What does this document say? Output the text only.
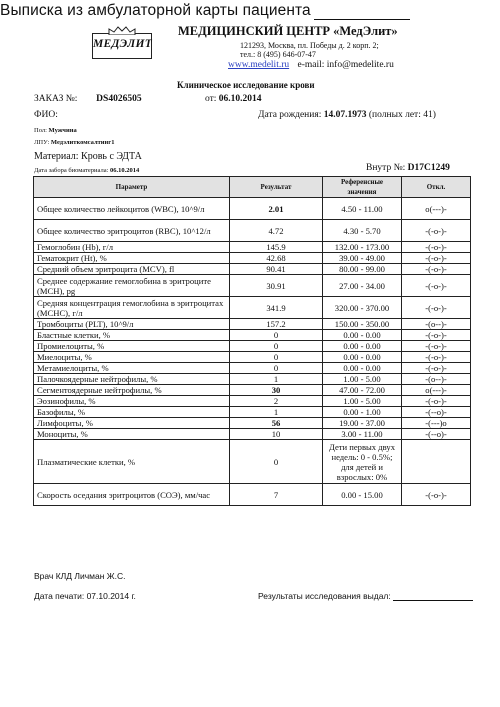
Выписка из амбулаторной карты пациента
МЕДЭЛИТ
МЕДИЦИНСКИЙ ЦЕНТР «МедЭлит»
121293, Москва, пл. Победы д. 2 корп. 2;
тел.: 8 (495) 646-07-47
www.medelit.ru e-mail: info@medelite.ru
Клиническое исследование крови
ЗАКАЗ №: DS4026505	от: 06.10.2014
ФИО:	Дата рождения: 14.07.1973 (полных лет: 41)
Пол: Мужчина
ЛПУ: Медэлиткомсалтинг1
Материал: Кровь с ЭДТА
Дата забора биоматериала: 06.10.2014	Внутр №: D17C1249
Параметр	Результат	Референсные значения	Откл.
Общее количество лейкоцитов (WBC), 10^9/л	2.01	4.50 - 11.00	о(---)-
Общее количество эритроцитов (RBC), 10^12/л	4.72	4.30 - 5.70	-(-о-)-
Гемоглобин (Hb), г/л	145.9	132.00 - 173.00	-(-о-)-
Гематокрит (Ht), %	42.68	39.00 - 49.00	-(-о-)-
Средний объем эритроцита (MCV), fl	90.41	80.00 - 99.00	-(-о-)-
Среднее содержание гемоглобина в эритроците (MCH), pg	30.91	27.00 - 34.00	-(-о-)-
Средняя концентрация гемоглобина в эритроцитах (MCHC), г/л	341.9	320.00 - 370.00	-(-о-)-
Тромбоциты (PLT), 10^9/л	157.2	150.00 - 350.00	-(о--)-
Бластные клетки, %	0	0.00 - 0.00	-(-о-)-
Промиелоциты, %	0	0.00 - 0.00	-(-о-)-
Миелоциты, %	0	0.00 - 0.00	-(-о-)-
Метамиелоциты, %	0	0.00 - 0.00	-(-о-)-
Палочкоядерные нейтрофилы, %	1	1.00 - 5.00	-(о--)-
Сегментоядерные нейтрофилы, %	30	47.00 - 72.00	о(---)-
Эозинофилы, %	2	1.00 - 5.00	-(-о-)-
Базофилы, %	1	0.00 - 1.00	-(--о)-
Лимфоциты, %	56	19.00 - 37.00	-(---)о
Моноциты, %	10	3.00 - 11.00	-(--о)-
Плазматические клетки, %	0	Дети первых двух недель: 0 - 0.5%; для детей и взрослых: 0%	
Скорость оседания эритроцитов (СОЭ), мм/час	7	0.00 - 15.00	-(-о-)-
Врач КЛД Личман Ж.С.
Дата печати: 07.10.2014 г.	Результаты исследования выдал:
